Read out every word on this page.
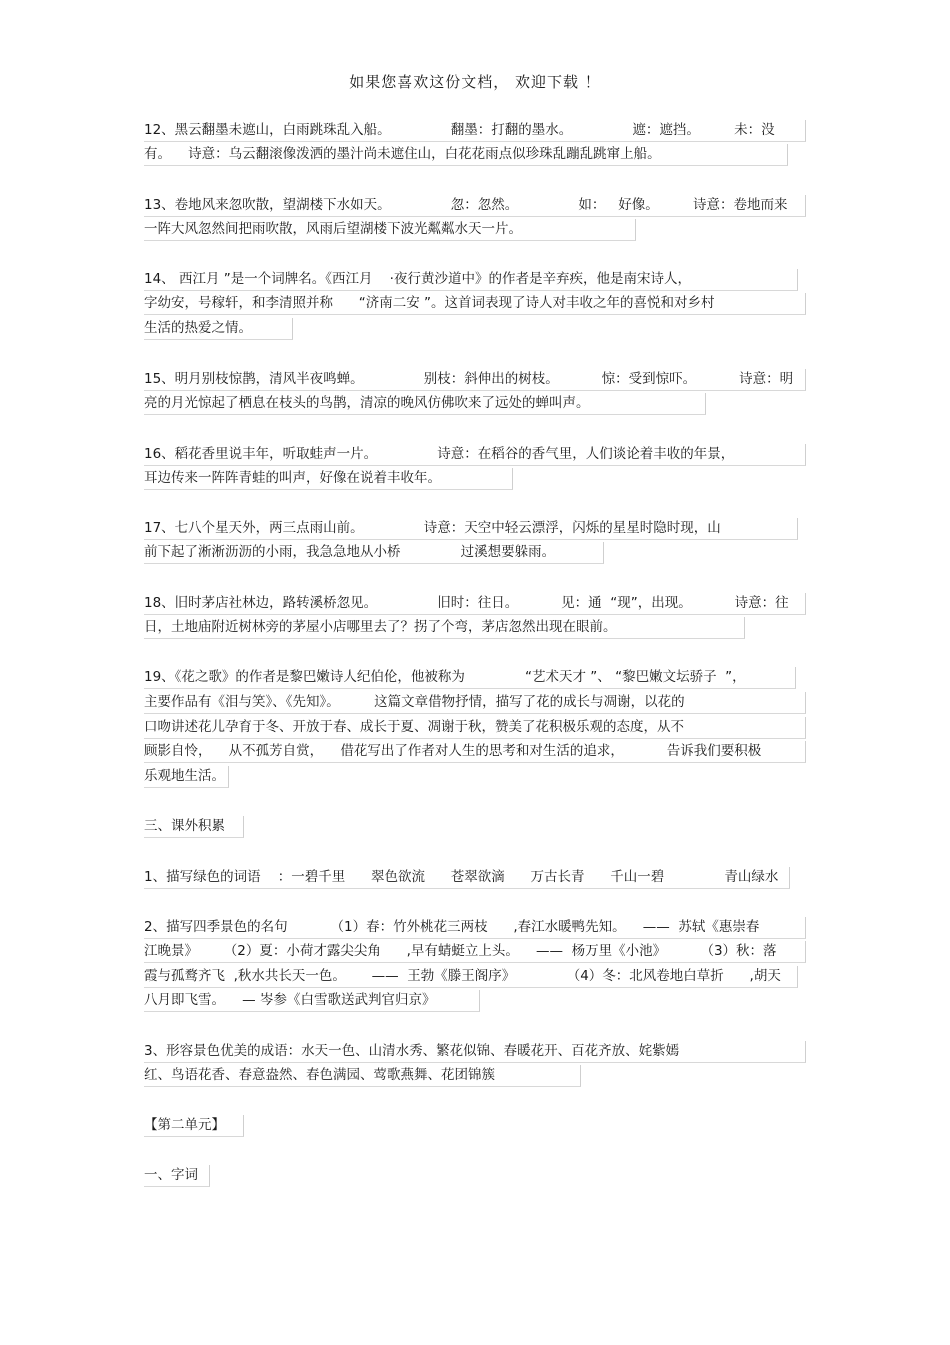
如果您喜欢这份文档， 欢迎下载 ！
12、黑云翻墨未遮山，白雨跳珠乱入船。              翻墨：打翻的墨水。              遮：遮挡。        未：没
有。    诗意：乌云翻滚像泼洒的墨汁尚未遮住山，白花花雨点似珍珠乱蹦乱跳窜上船。
13、卷地风来忽吹散，望湖楼下水如天。              忽：忽然。              如：   好像。        诗意：卷地而来
一阵大风忽然间把雨吹散，风雨后望湖楼下波光粼粼水天一片。
14、 西江月 ”是一个词牌名。《西江月    ·夜行黄沙道中》的作者是辛弃疾，他是南宋诗人，
字幼安，号稼轩，和李清照并称      “济南二安 ”。这首词表现了诗人对丰收之年的喜悦和对乡村
生活的热爱之情。
15、明月别枝惊鹊，清风半夜鸣蝉。              别枝：斜伸出的树枝。          惊：受到惊吓。          诗意：明
亮的月光惊起了栖息在枝头的鸟鹊，清凉的晚风仿佛吹来了远处的蝉叫声。
16、稻花香里说丰年，听取蛙声一片。              诗意：在稻谷的香气里，人们谈论着丰收的年景，
耳边传来一阵阵青蛙的叫声，好像在说着丰收年。
17、七八个星天外，两三点雨山前。              诗意：天空中轻云漂浮，闪烁的星星时隐时现，山
前下起了淅淅沥沥的小雨，我急急地从小桥              过溪想要躲雨。
18、旧时茅店社林边，路转溪桥忽见。              旧时：往日。          见：通  “现”，出现。          诗意：往
日，土地庙附近树林旁的茅屋小店哪里去了？拐了个弯，茅店忽然出现在眼前。
19、《花之歌》的作者是黎巴嫩诗人纪伯伦，他被称为              “艺术天才 ”、 “黎巴嫩文坛骄子  ”，
主要作品有《泪与笑》、《先知》。        这篇文章借物抒情，描写了花的成长与凋谢，以花的
口吻讲述花儿孕育于冬、开放于春、成长于夏、凋谢于秋，赞美了花积极乐观的态度，从不
顾影自怜，    从不孤芳自赏，    借花写出了作者对人生的思考和对生活的追求，          告诉我们要积极
乐观地生活。
三、课外积累
1、描写绿色的词语    ：一碧千里      翠色欲流      苍翠欲滴      万古长青      千山一碧              青山绿水
2、描写四季景色的名句          （1）春：竹外桃花三两枝      ,春江水暖鸭先知。    ——  苏轼《惠崇春
江晚景》      （2）夏：小荷才露尖尖角      ,早有蜻蜓立上头。    ——  杨万里《小池》        （3）秋：落
霞与孤鹜齐飞  ,秋水共长天一色。      ——  王勃《滕王阁序》            （4）冬：北风卷地白草折      ,胡天
八月即飞雪。    — 岑参《白雪歌送武判官归京》
3、形容景色优美的成语：水天一色、山清水秀、繁花似锦、春暖花开、百花齐放、姹紫嫣
红、鸟语花香、春意盎然、春色满园、莺歌燕舞、花团锦簇
【第二单元】
一、字词
